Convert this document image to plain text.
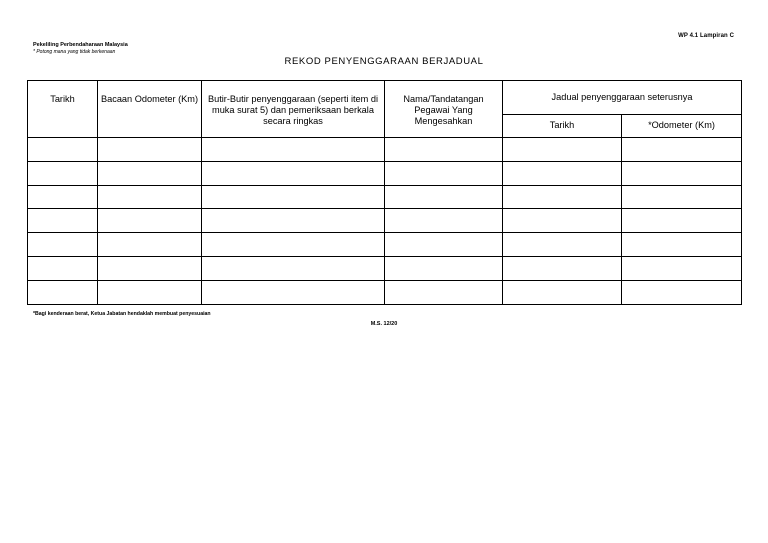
WP 4.1 Lampiran C
Pekeliling Perbendaharaan Malaysia
* Potong mana yang tidak berkenaan
REKOD PENYENGGARAAN BERJADUAL
Tarikh	Bacaan Odometer (Km)	Butir-Butir penyenggaraan (seperti item di muka surat 5) dan pemeriksaan berkala secara ringkas	Nama/Tandatangan Pegawai Yang Mengesahkan	Jadual penyenggaraan seterusnya	
				Tarikh	*Odometer (Km)

*Bagi kenderaan berat, Ketua Jabatan hendaklah membuat penyesuaian
M.S. 12/20
